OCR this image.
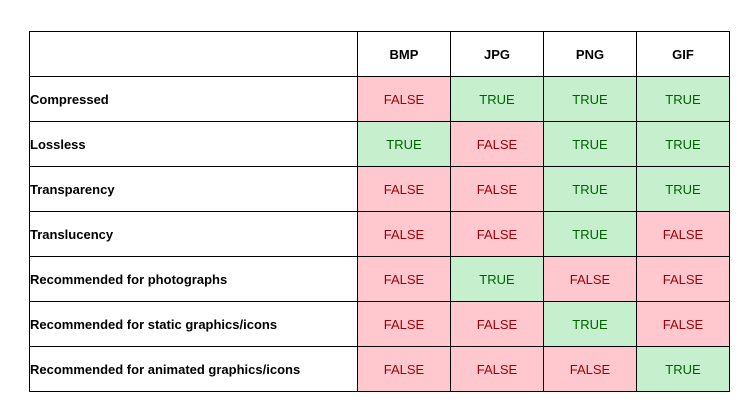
	BMP	JPG	PNG	GIF
Compressed	FALSE	TRUE	TRUE	TRUE
Lossless	TRUE	FALSE	TRUE	TRUE
Transparency	FALSE	FALSE	TRUE	TRUE
Translucency	FALSE	FALSE	TRUE	FALSE
Recommended for photographs	FALSE	TRUE	FALSE	FALSE
Recommended for static graphics/icons	FALSE	FALSE	TRUE	FALSE
Recommended for animated graphics/icons	FALSE	FALSE	FALSE	TRUE
